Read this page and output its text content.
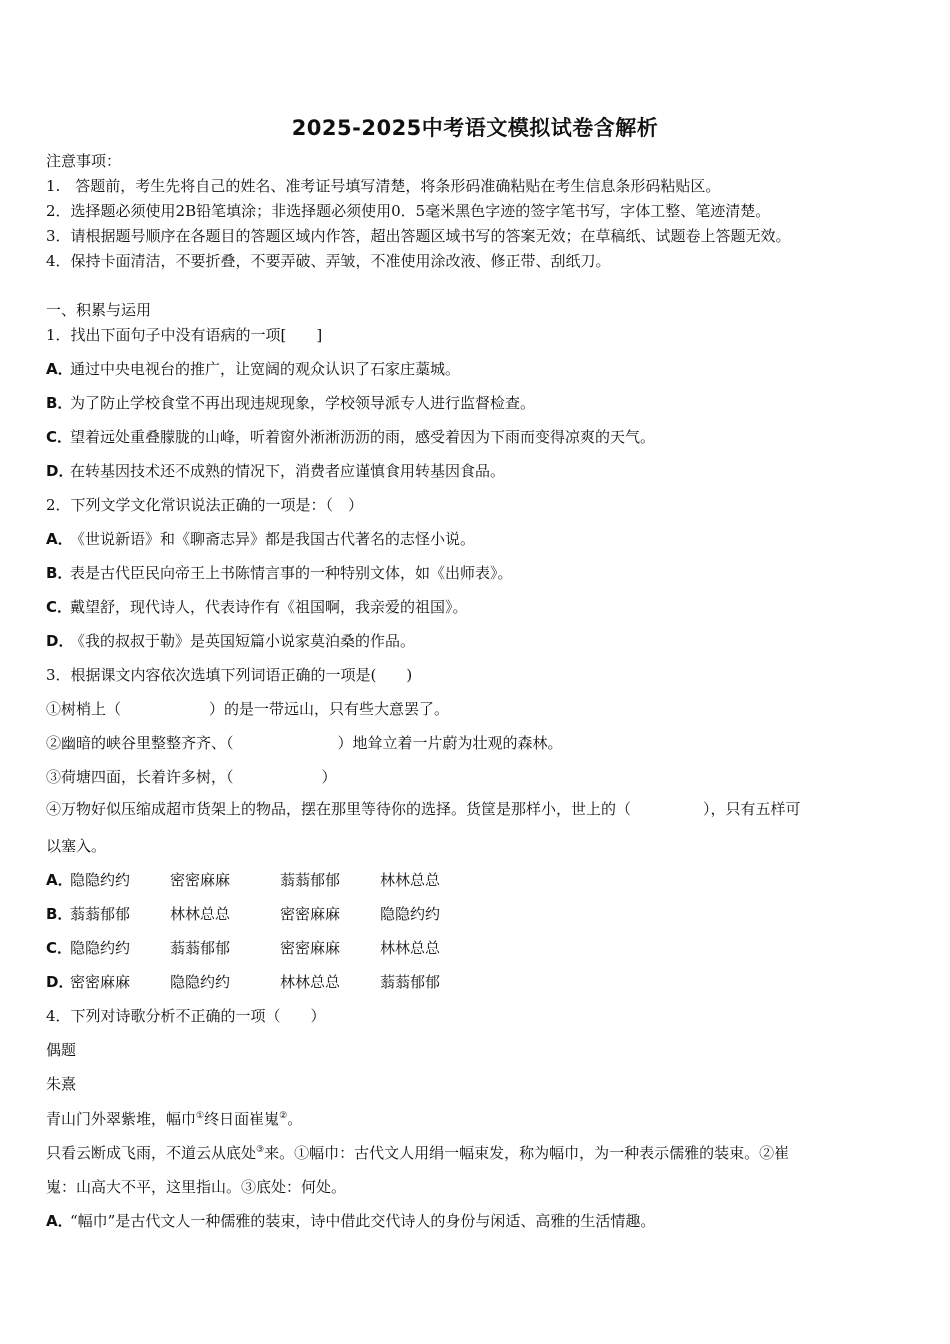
2025-2025中考语文模拟试卷含解析
注意事项：
1.　答题前，考生先将自己的姓名、准考证号填写清楚，将条形码准确粘贴在考生信息条形码粘贴区。
2．选择题必须使用2B铅笔填涂；非选择题必须使用0．5毫米黑色字迹的签字笔书写，字体工整、笔迹清楚。
3．请根据题号顺序在各题目的答题区域内作答，超出答题区域书写的答案无效；在草稿纸、试题卷上答题无效。
4．保持卡面清洁，不要折叠，不要弄破、弄皱，不准使用涂改液、修正带、刮纸刀。
一、积累与运用
1．找出下面句子中没有语病的一项[　　]
A．通过中央电视台的推广，让宽阔的观众认识了石家庄藁城。
B．为了防止学校食堂不再出现违规现象，学校领导派专人进行监督检查。
C．望着远处重叠朦胧的山峰，听着窗外淅淅沥沥的雨，感受着因为下雨而变得凉爽的天气。
D．在转基因技术还不成熟的情况下，消费者应谨慎食用转基因食品。
2．下列文学文化常识说法正确的一项是：（　）
A．《世说新语》和《聊斋志异》都是我国古代著名的志怪小说。
B．表是古代臣民向帝王上书陈情言事的一种特别文体，如《出师表》。
C．戴望舒，现代诗人，代表诗作有《祖国啊，我亲爱的祖国》。
D．《我的叔叔于勒》是英国短篇小说家莫泊桑的作品。
3．根据课文内容依次选填下列词语正确的一项是(　　)
①树梢上（	）的是一带远山，只有些大意罢了。
②幽暗的峡谷里整整齐齐、（	）地耸立着一片蔚为壮观的森林。
③荷塘四面，长着许多树，（	）
④万物好似压缩成超市货架上的物品，摆在那里等待你的选择。货筐是那样小，世上的（	），只有五样可
以塞入。
A．隐隐约约	密密麻麻	蓊蓊郁郁	林林总总
B．蓊蓊郁郁	林林总总	密密麻麻	隐隐约约
C．隐隐约约	蓊蓊郁郁	密密麻麻	林林总总
D．密密麻麻	隐隐约约	林林总总	蓊蓊郁郁
4．下列对诗歌分析不正确的一项（　　）
偶题
朱熹
青山门外翠紫堆，幅巾①终日面崔嵬②。
只看云断成飞雨，不道云从底处③来。①幅巾：古代文人用绢一幅束发，称为幅巾，为一种表示儒雅的装束。②崔
嵬：山高大不平，这里指山。③底处：何处。
A．“幅巾”是古代文人一种儒雅的装束，诗中借此交代诗人的身份与闲适、高雅的生活情趣。
